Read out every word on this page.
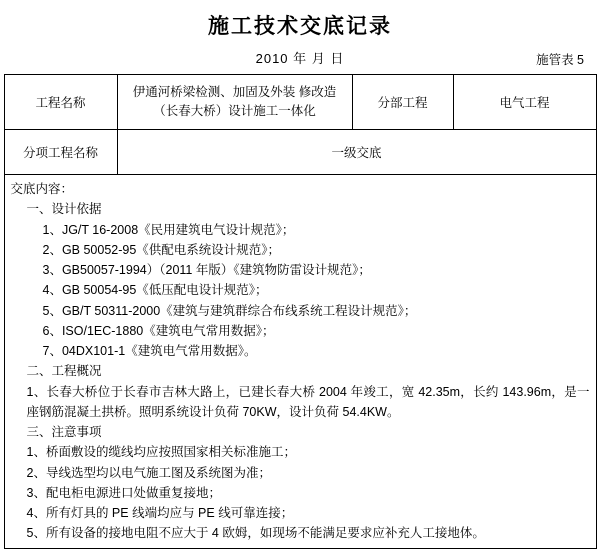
施工技术交底记录
2010 年 月 日	施管表 5
工程名称	伊通河桥梁检测、加固及外装 修改造
（长春大桥）设计施工一体化	分部工程	电气工程
分项工程名称	一级交底		

交底内容：

一、设计依据

1、JG/T 16-2008《民用建筑电气设计规范》；

2、GB 50052-95《供配电系统设计规范》；

3、GB50057-1994）（2011 年版）《建筑物防雷设计规范》；

4、GB 50054-95《低压配电设计规范》；

5、GB/T 50311-2000《建筑与建筑群综合布线系统工程设计规范》；

6、ISO/1EC-1880《建筑电气常用数据》；

7、04DX101-1《建筑电气常用数据》。

二、工程概况

1、长春大桥位于长春市吉林大路上，已建长春大桥 2004 年竣工，宽 42.35m，长约 143.96m，是一座钢筋混凝土拱桥。照明系统设计负荷 70KW，设计负荷 54.4KW。

三、注意事项

1、桥面敷设的缆线均应按照国家相关标准施工；

2、导线选型均以电气施工图及系统图为准；

3、配电柜电源进口处做重复接地；

4、所有灯具的 PE 线端均应与 PE 线可靠连接；

5、所有设备的接地电阻不应大于 4 欧姆，如现场不能满足要求应补充人工接地体。
